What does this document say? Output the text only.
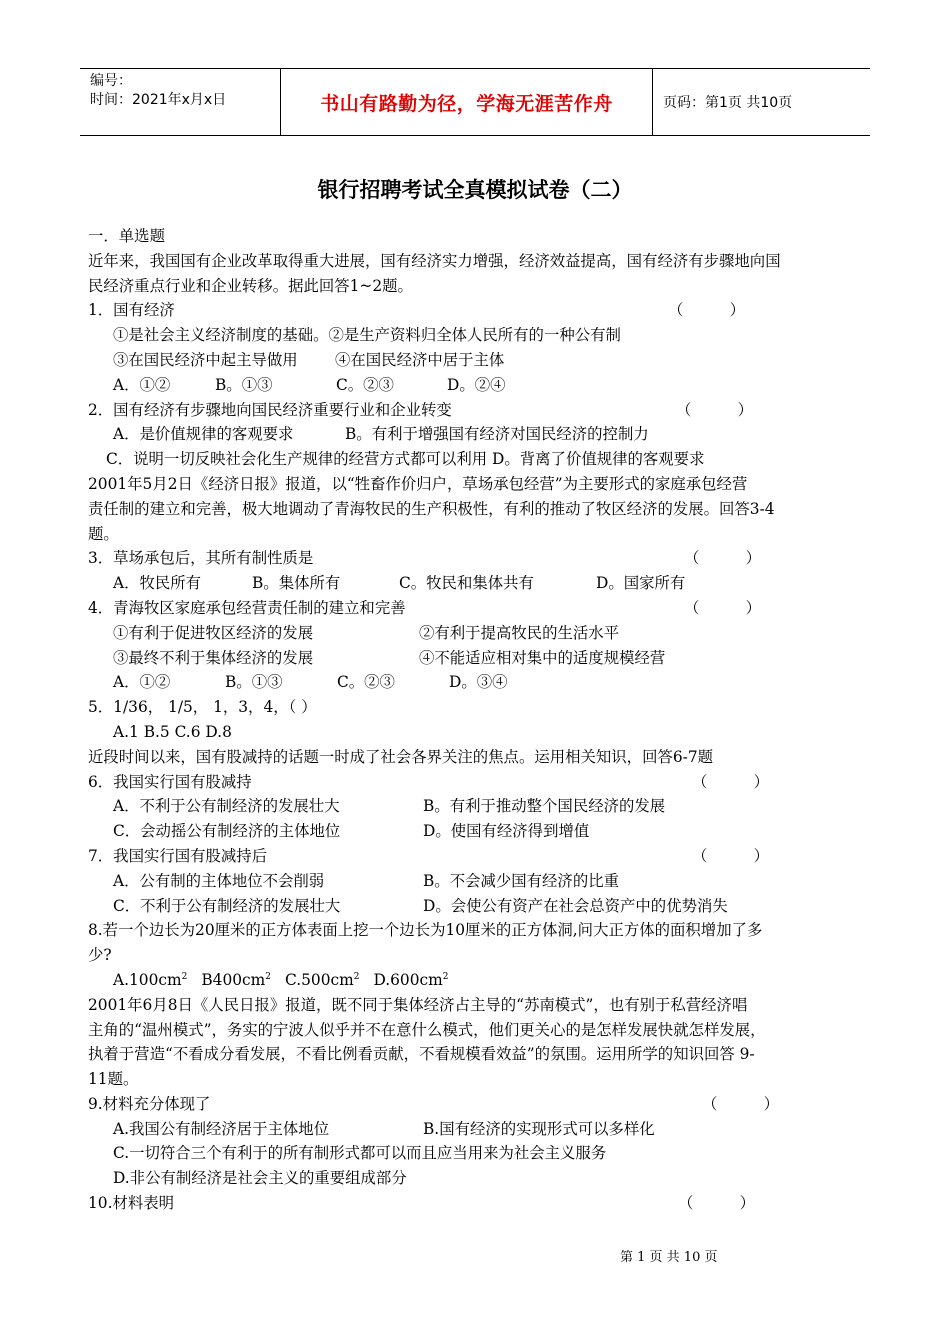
编号：
时间：2021年x月x日	书山有路勤为径，学海无涯苦作舟	页码：第1页 共10页
银行招聘考试全真模拟试卷（二）
一．单选题
近年来，我国国有企业改革取得重大进展，国有经济实力增强，经济效益提高，国有经济有步骤地向国
民经济重点行业和企业转移。据此回答1~2题。
1．国有经济	（　　　）
①是社会主义经济制度的基础。②是生产资料归全体人民所有的一种公有制
③在国民经济中起主导做用 ④在国民经济中居于主体
A．①②	B。①③	C。②③	D。②④
2．国有经济有步骤地向国民经济重要行业和企业转变	（　　　）
A．是价值规律的客观要求	B。有利于增强国有经济对国民经济的控制力
C．说明一切反映社会化生产规律的经营方式都可以利用 D。背离了价值规律的客观要求
2001年5月2日《经济日报》报道，以“牲畜作价归户，草场承包经营”为主要形式的家庭承包经营
责任制的建立和完善，极大地调动了青海牧民的生产积极性，有利的推动了牧区经济的发展。回答3-4
题。
3．草场承包后，其所有制性质是	（　　　）
A．牧民所有	B。集体所有	C。牧民和集体共有	D。国家所有
4．青海牧区家庭承包经营责任制的建立和完善	（　　　）
①有利于促进牧区经济的发展	②有利于提高牧民的生活水平
③最终不利于集体经济的发展	④不能适应相对集中的适度规模经营
A．①②	B。①③	C。②③	D。③④
5．1/36， 1/5， 1，3，4，（ ）
A.1 B.5 C.6 D.8
近段时间以来，国有股减持的话题一时成了社会各界关注的焦点。运用相关知识，回答6-7题
6．我国实行国有股减持	（　　　）
A．不利于公有制经济的发展壮大	B。有利于推动整个国民经济的发展
C．会动摇公有制经济的主体地位	D。使国有经济得到增值
7．我国实行国有股减持后	（　　　）
A．公有制的主体地位不会削弱	B。不会减少国有经济的比重
C．不利于公有制经济的发展壮大	D。会使公有资产在社会总资产中的优势消失
8.若一个边长为20厘米的正方体表面上挖一个边长为10厘米的正方体洞,问大正方体的面积增加了多
少?
$A.100cm^2$ $B400cm^2$ $C.500cm^2$ $D.600cm^2$
2001年6月8日《人民日报》报道，既不同于集体经济占主导的“苏南模式”，也有别于私营经济唱
主角的“温州模式”，务实的宁波人似乎并不在意什么模式，他们更关心的是怎样发展快就怎样发展，
执着于营造“不看成分看发展，不看比例看贡献，不看规模看效益”的氛围。运用所学的知识回答 9-
11题。
9.材料充分体现了	（　　　）
A.我国公有制经济居于主体地位	B.国有经济的实现形式可以多样化
C.一切符合三个有利于的所有制形式都可以而且应当用来为社会主义服务
D.非公有制经济是社会主义的重要组成部分
10.材料表明	（　　　）
第 1 页 共 10 页
